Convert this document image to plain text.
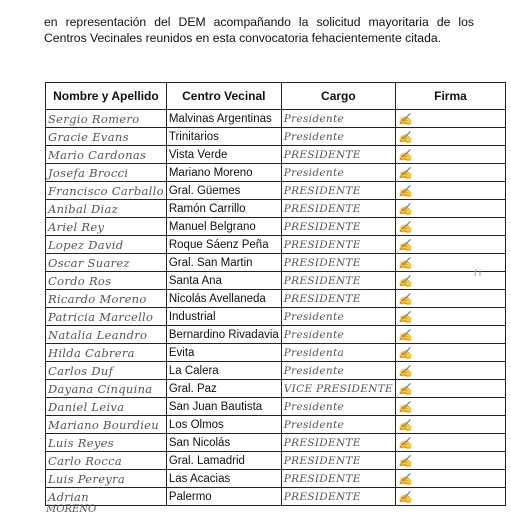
en representación del DEM acompañando la solicitud mayoritaria de los Centros Vecinales reunidos en esta convocatoria fehacientemente citada.

Nombre y Apellido	Centro Vecinal	Cargo	Firma
Sergio Romero	Malvinas Argentinas	Presidente	✍
Gracie Evans	Trinitarios	Presidente	✍
Mario Cardonas	Vista Verde	PRESIDENTE	✍
Josefa Brocci	Mariano Moreno	Presidente	✍
Francisco Carballo	Gral. Güemes	PRESIDENTE	✍
Anibal Diaz	Ramón Carrillo	PRESIDENTE	✍
Ariel Rey	Manuel Belgrano	PRESIDENTE	✍
Lopez David	Roque Sáenz Peña	PRESIDENTE	✍
Oscar Suarez	Gral. San Martin	PRESIDENTE	✍
Cordo Ros	Santa Ana	PRESIDENTE	✍
Ricardo Moreno	Nicolás Avellaneda	PRESIDENTE	✍
Patricia Marcello	Industrial	Presidente	✍
Natalia Leandro	Bernardino Rivadavia	Presidente	✍
Hilda Cabrera	Evita	Presidenta	✍
Carlos Duf	La Calera	Presidente	✍
Dayana Cinquina	Gral. Paz	VICE PRESIDENTE	✍
Daniel Leiva	San Juan Bautista	Presidente	✍
Mariano Bourdieu	Los Olmos	Presidente	✍
Luis Reyes	San Nicolás	PRESIDENTE	✍
Carlo Rocca	Gral. Lamadrid	PRESIDENTE	✍
Luis Pereyra	Las Acacias	PRESIDENTE	✍
Adrian	Palermo	PRESIDENTE	✍
MORENO
f i
